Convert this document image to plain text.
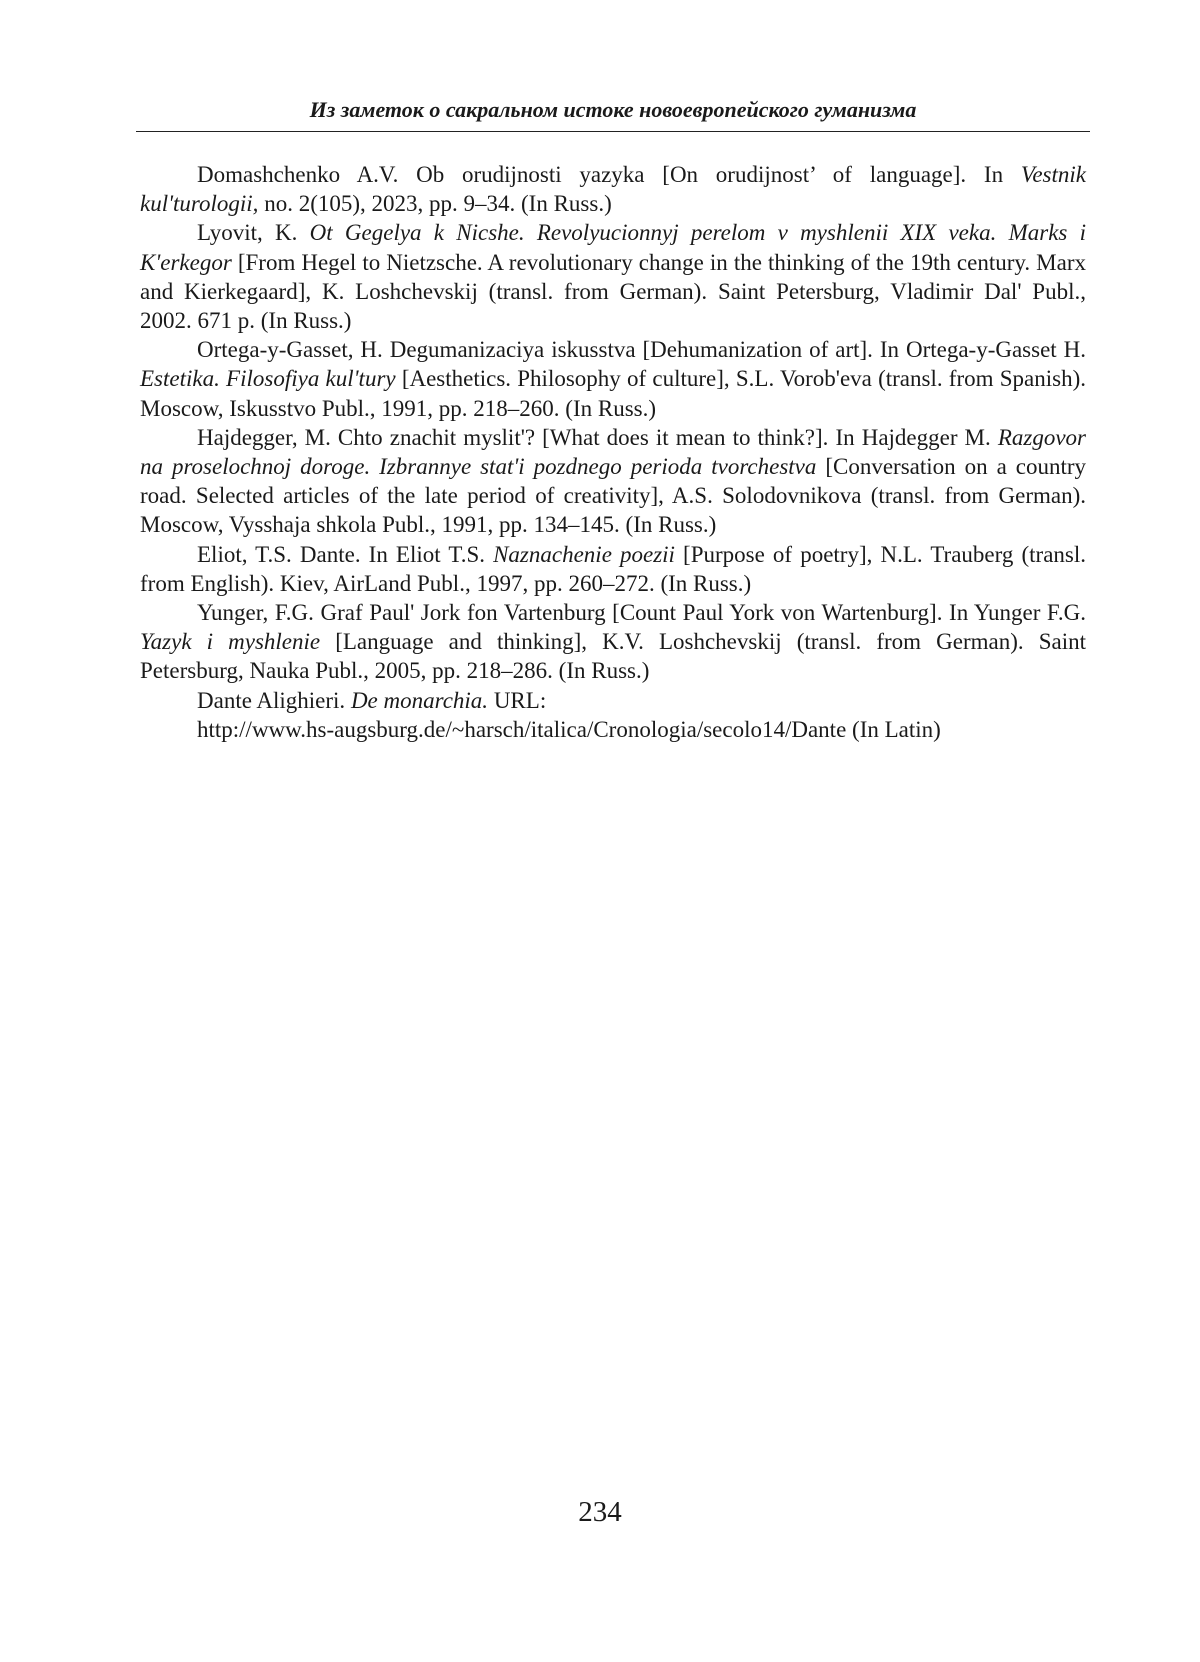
Из заметок о сакральном истоке новоевропейского гуманизма

Domashchenko A.V. Ob orudijnosti yazyka [On orudijnost’ of language]. In Vestnik kul'turologii, no. 2(105), 2023, pp. 9–34. (In Russ.)

Lyovit, K. Ot Gegelya k Nicshe. Revolyucionnyj perelom v myshlenii XIX veka. Marks i K'erkegor [From Hegel to Nietzsche. A revolutionary change in the thinking of the 19th century. Marx and Kierkegaard], K. Loshchevskij (transl. from German). Saint Petersburg, Vladimir Dal' Publ., 2002. 671 p. (In Russ.)

Ortega-y-Gasset, H. Degumanizaciya iskusstva [Dehumanization of art]. In Ortega-y-Gasset H. Estetika. Filosofiya kul'tury [Aesthetics. Philosophy of culture], S.L. Vorob'eva (transl. from Spanish). Moscow, Iskusstvo Publ., 1991, pp. 218–260. (In Russ.)

Hajdegger, M. Chto znachit myslit'? [What does it mean to think?]. In Hajdegger M. Razgovor na proselochnoj doroge. Izbrannye stat'i pozdnego perioda tvorchestva [Conversation on a country road. Selected articles of the late period of creativity], A.S. Solodovnikova (transl. from German). Moscow, Vysshaja shkola Publ., 1991, pp. 134–145. (In Russ.)

Eliot, T.S. Dante. In Eliot T.S. Naznachenie poezii [Purpose of poetry], N.L. Trauberg (transl. from English). Kiev, AirLand Publ., 1997, pp. 260–272. (In Russ.)

Yunger, F.G. Graf Paul' Jork fon Vartenburg [Count Paul York von Wartenburg]. In Yunger F.G. Yazyk i myshlenie [Language and thinking], K.V. Loshchevskij (transl. from German). Saint Petersburg, Nauka Publ., 2005, pp. 218–286. (In Russ.)

Dante Alighieri. De monarchia. URL:
http://www.hs-augsburg.de/~harsch/italica/Cronologia/secolo14/Dante (In Latin)

234
